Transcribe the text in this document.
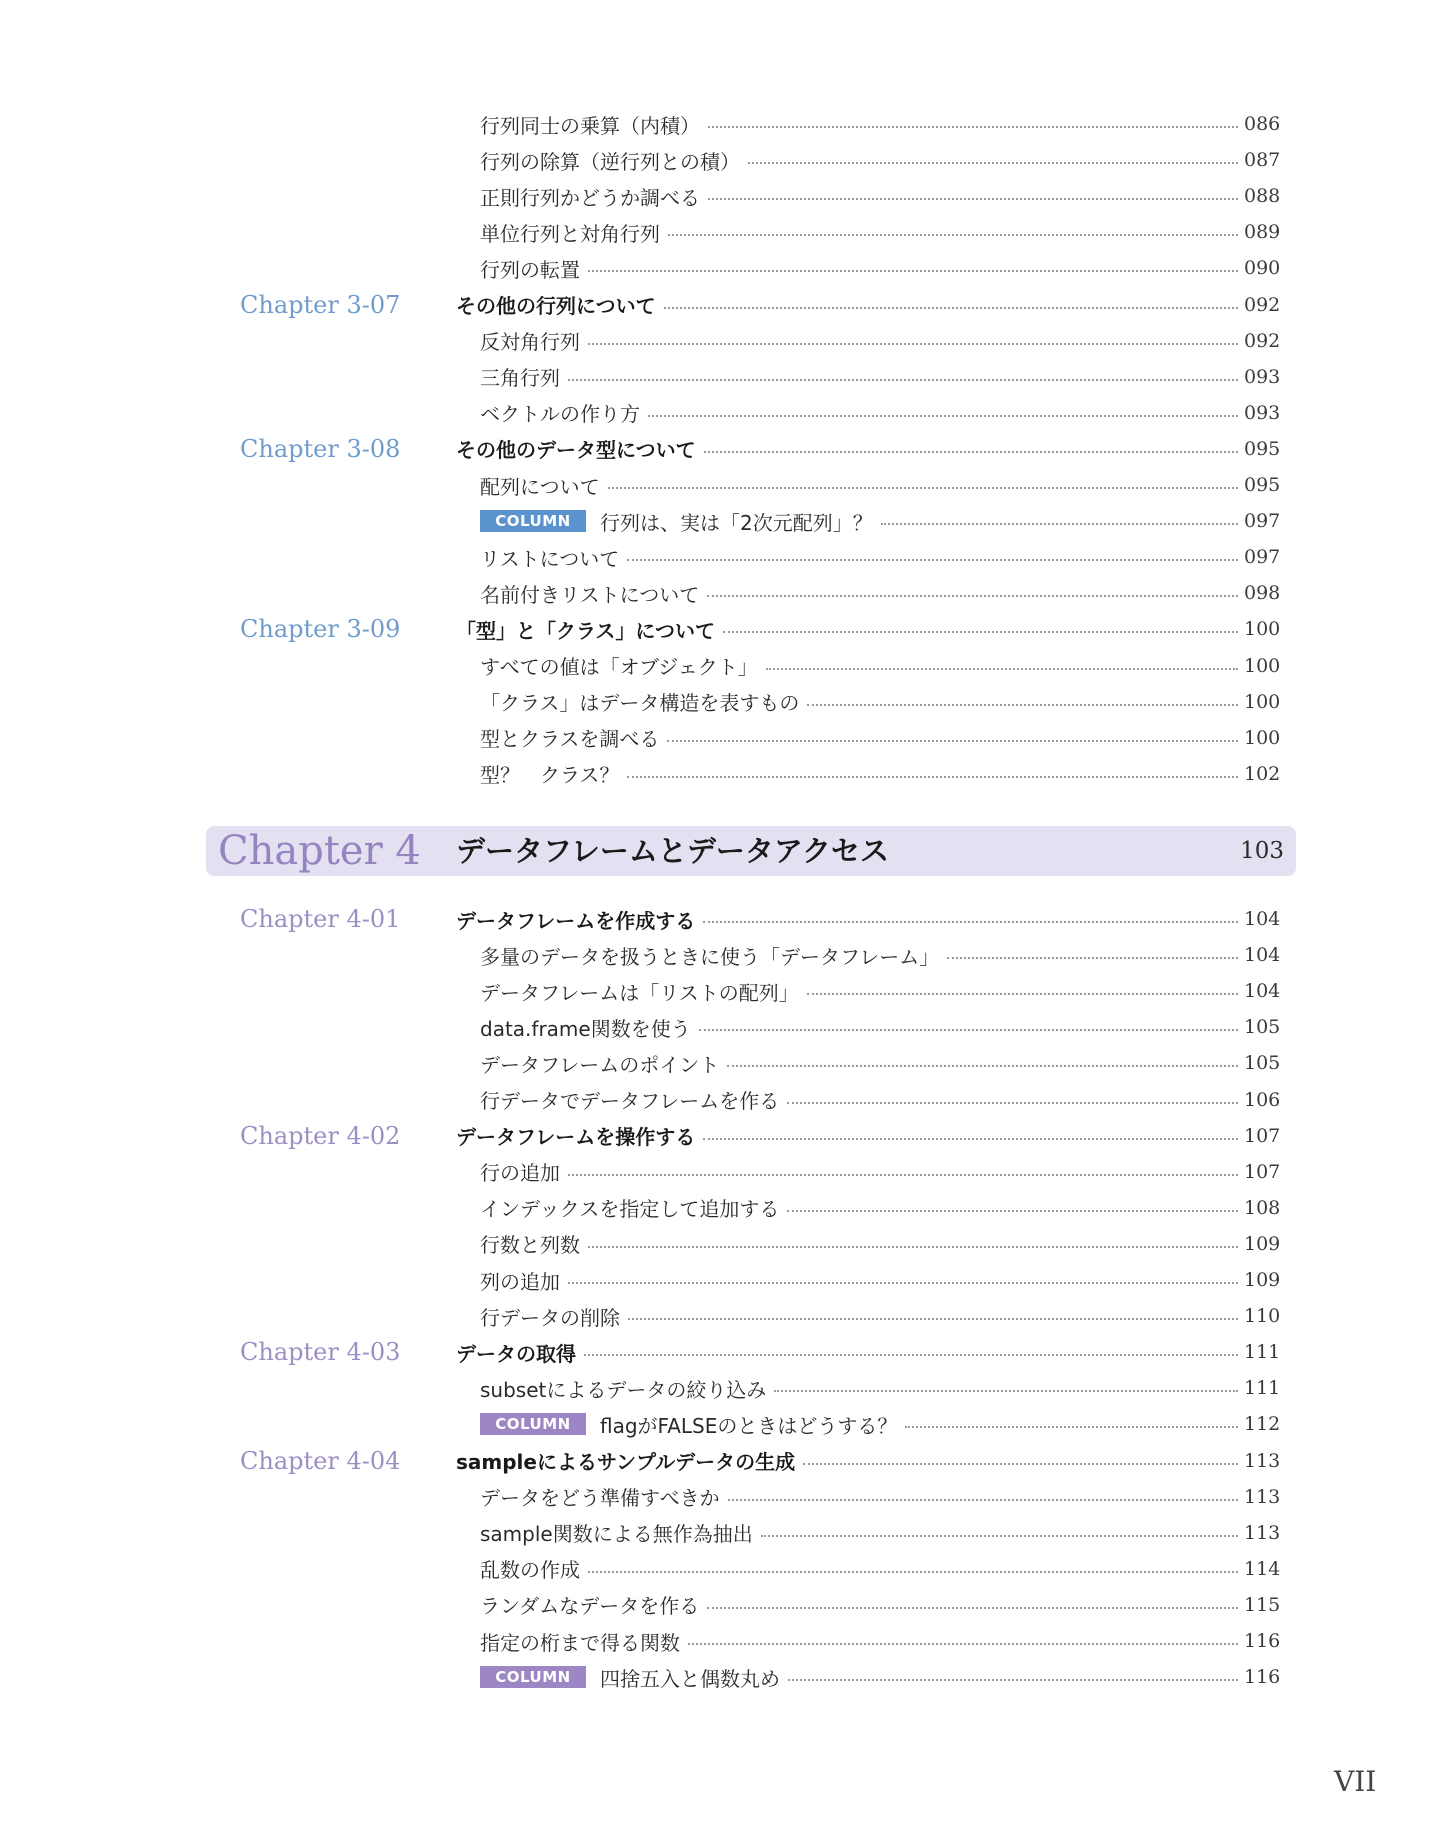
行列同士の乗算（内積）	086
行列の除算（逆行列との積）	087
正則行列かどうか調べる	088
単位行列と対角行列	089
行列の転置	090
Chapter 3-07	その他の行列について	092
反対角行列	092
三角行列	093
ベクトルの作り方	093
Chapter 3-08	その他のデータ型について	095
配列について	095
COLUMN	行列は、実は「2次元配列」？	097
リストについて	097
名前付きリストについて	098
Chapter 3-09	「型」と「クラス」について	100
すべての値は「オブジェクト」	100
「クラス」はデータ構造を表すもの	100
型とクラスを調べる	100
型？　クラス？	102
Chapter 4 データフレームとデータアクセス	103
Chapter 4-01	データフレームを作成する	104
多量のデータを扱うときに使う「データフレーム」	104
データフレームは「リストの配列」	104
data.frame関数を使う	105
データフレームのポイント	105
行データでデータフレームを作る	106
Chapter 4-02	データフレームを操作する	107
行の追加	107
インデックスを指定して追加する	108
行数と列数	109
列の追加	109
行データの削除	110
Chapter 4-03	データの取得	111
subsetによるデータの絞り込み	111
COLUMN	flagがFALSEのときはどうする？	112
Chapter 4-04	sampleによるサンプルデータの生成	113
データをどう準備すべきか	113
sample関数による無作為抽出	113
乱数の作成	114
ランダムなデータを作る	115
指定の桁まで得る関数	116
COLUMN	四捨五入と偶数丸め	116
VII
